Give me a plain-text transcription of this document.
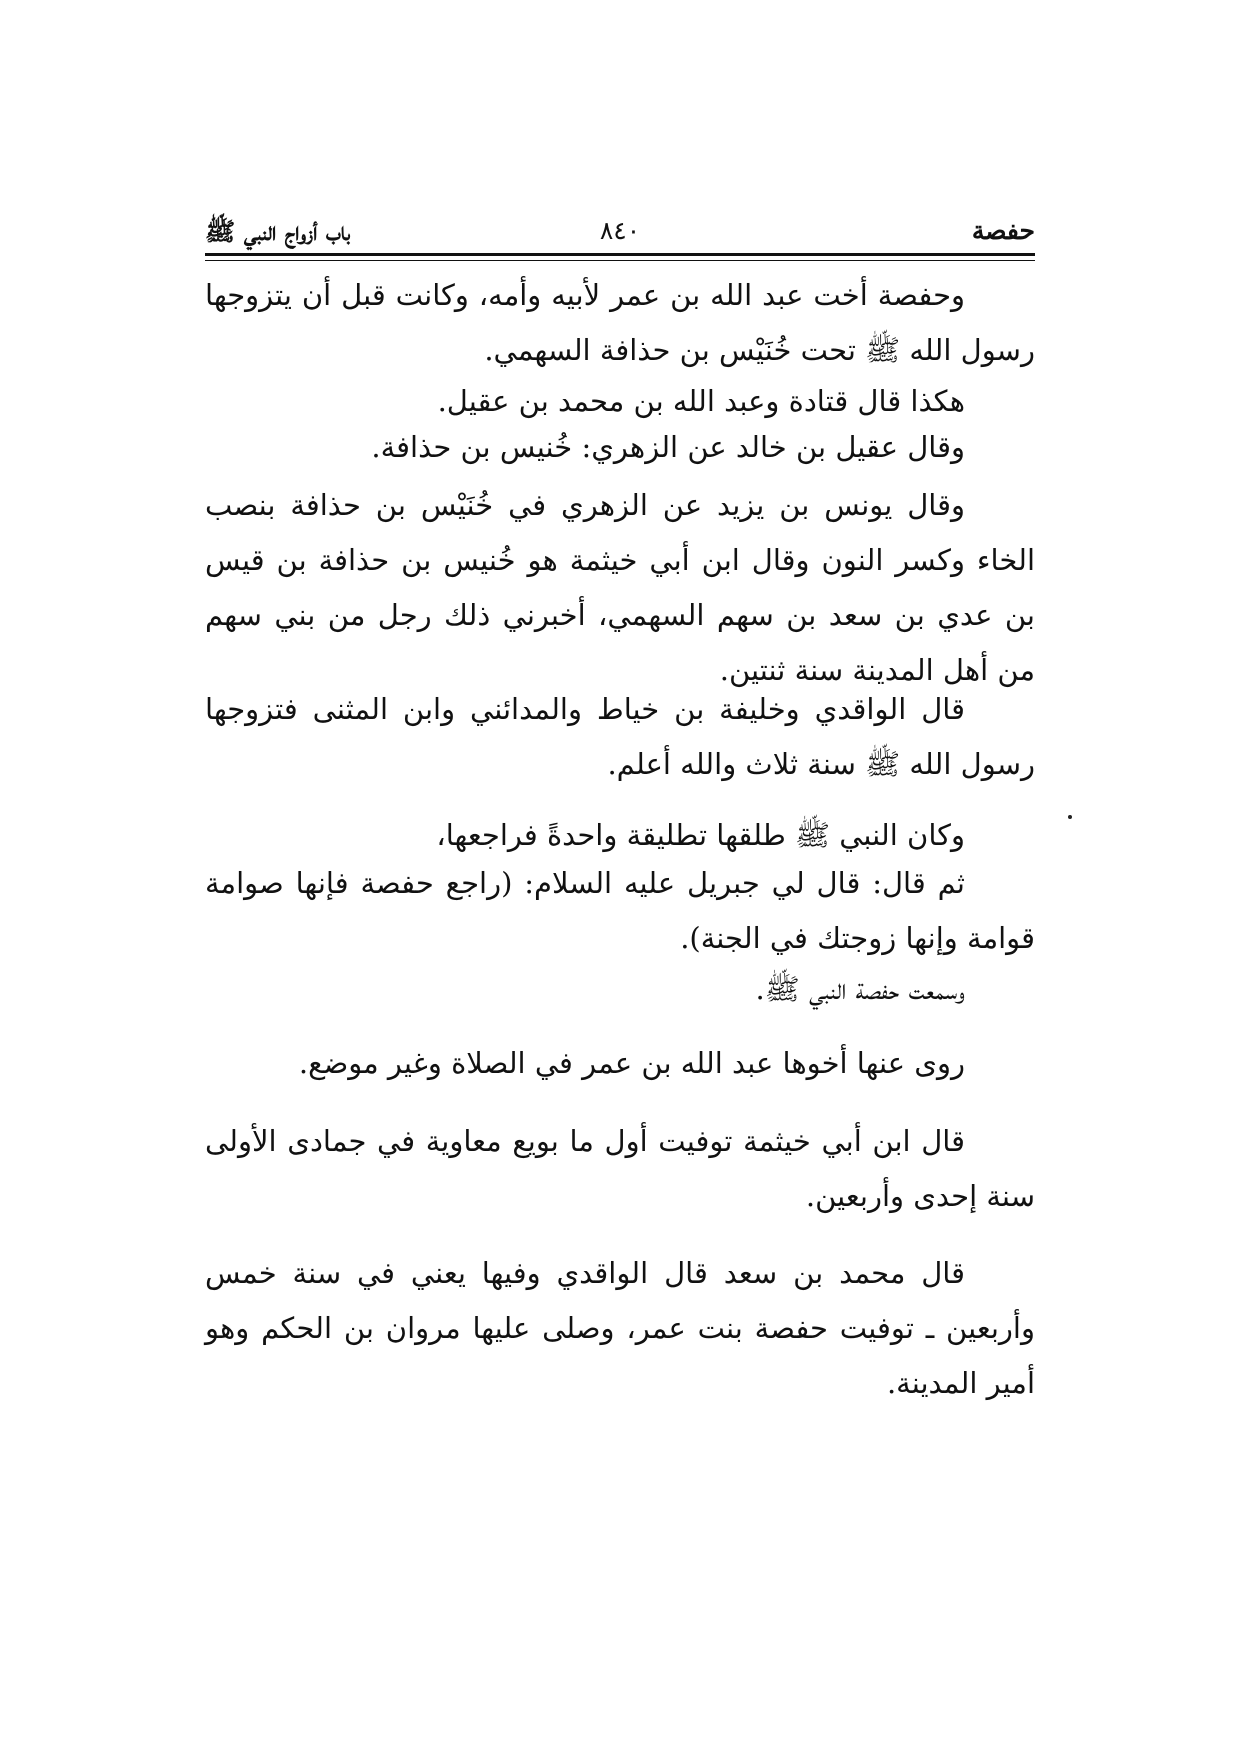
حفصة
٨٤٠
باب أزواج النبي ﷺ

وحفصة أخت عبد الله بن عمر لأبيه وأمه، وكانت قبل أن يتزوجها رسول الله ﷺ تحت خُنَيْس بن حذافة السهمي.

هكذا قال قتادة وعبد الله بن محمد بن عقيل.

وقال عقيل بن خالد عن الزهري: خُنيس بن حذافة.

وقال يونس بن يزيد عن الزهري في خُنَيْس بن حذافة بنصب الخاء وكسر النون وقال ابن أبي خيثمة هو خُنيس بن حذافة بن قيس بن عدي بن سعد بن سهم السهمي، أخبرني ذلك رجل من بني سهم من أهل المدينة سنة ثنتين.

قال الواقدي وخليفة بن خياط والمدائني وابن المثنى فتزوجها رسول الله ﷺ سنة ثلاث والله أعلم.

وكان النبي ﷺ طلقها تطليقة واحدةً فراجعها،

ثم قال: قال لي جبريل عليه السلام: (راجع حفصة فإنها صوامة قوامة وإنها زوجتك في الجنة).

وسمعت حفصة النبي ﷺ.

روى عنها أخوها عبد الله بن عمر في الصلاة وغير موضع.

قال ابن أبي خيثمة توفيت أول ما بويع معاوية في جمادى الأولى سنة إحدى وأربعين.

قال محمد بن سعد قال الواقدي وفيها يعني في سنة خمس وأربعين ـ توفيت حفصة بنت عمر، وصلى عليها مروان بن الحكم وهو أمير المدينة.
